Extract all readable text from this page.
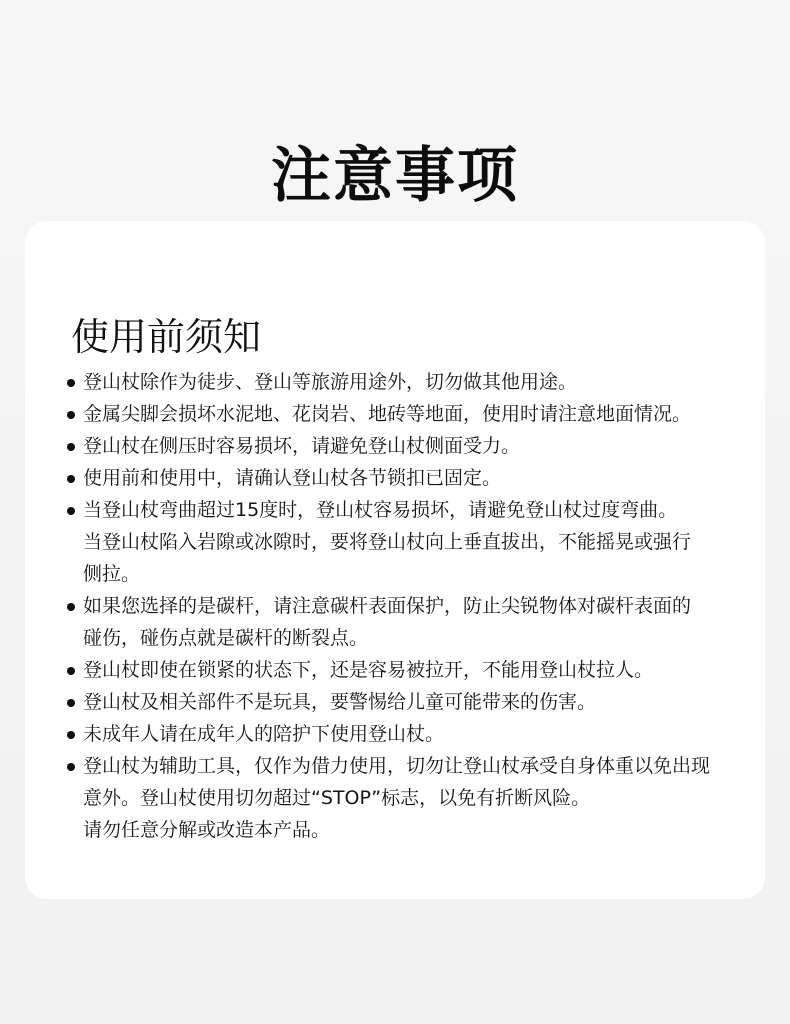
注意事项
使用前须知
登山杖除作为徒步、登山等旅游用途外，切勿做其他用途。
金属尖脚会损坏水泥地、花岗岩、地砖等地面，使用时请注意地面情况。
登山杖在侧压时容易损坏，请避免登山杖侧面受力。
使用前和使用中，请确认登山杖各节锁扣已固定。
当登山杖弯曲超过15度时，登山杖容易损坏，请避免登山杖过度弯曲。
当登山杖陷入岩隙或冰隙时，要将登山杖向上垂直拔出，不能摇晃或强行
侧拉。
如果您选择的是碳杆，请注意碳杆表面保护，防止尖锐物体对碳杆表面的
碰伤，碰伤点就是碳杆的断裂点。
登山杖即使在锁紧的状态下，还是容易被拉开，不能用登山杖拉人。
登山杖及相关部件不是玩具，要警惕给儿童可能带来的伤害。
未成年人请在成年人的陪护下使用登山杖。
登山杖为辅助工具，仅作为借力使用，切勿让登山杖承受自身体重以免出现
意外。登山杖使用切勿超过“STOP”标志，以免有折断风险。
请勿任意分解或改造本产品。
